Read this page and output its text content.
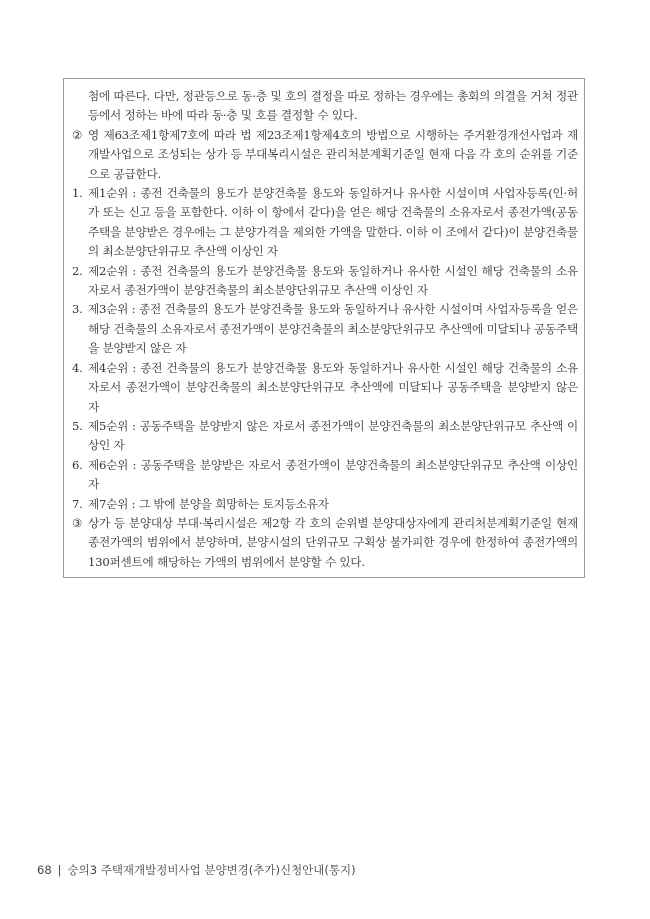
첨에 따른다. 다만, 정관등으로 동·층 및 호의 결정을 따로 정하는 경우에는 총회의 의결을 거쳐 정관등에서 정하는 바에 따라 동·층 및 호를 결정할 수 있다.
② 영 제63조제1항제7호에 따라 법 제23조제1항제4호의 방법으로 시행하는 주거환경개선사업과 재개발사업으로 조성되는 상가 등 부대복리시설은 관리처분계획기준일 현재 다음 각 호의 순위를 기준으로 공급한다.
1. 제1순위 : 종전 건축물의 용도가 분양건축물 용도와 동일하거나 유사한 시설이며 사업자등록(인·허가 또는 신고 등을 포함한다. 이하 이 항에서 같다)을 얻은 해당 건축물의 소유자로서 종전가액(공동주택을 분양받은 경우에는 그 분양가격을 제외한 가액을 말한다. 이하 이 조에서 같다)이 분양건축물의 최소분양단위규모 추산액 이상인 자
2. 제2순위 : 종전 건축물의 용도가 분양건축물 용도와 동일하거나 유사한 시설인 해당 건축물의 소유자로서 종전가액이 분양건축물의 최소분양단위규모 추산액 이상인 자
3. 제3순위 : 종전 건축물의 용도가 분양건축물 용도와 동일하거나 유사한 시설이며 사업자등록을 얻은 해당 건축물의 소유자로서 종전가액이 분양건축물의 최소분양단위규모 추산액에 미달되나 공동주택을 분양받지 않은 자
4. 제4순위 : 종전 건축물의 용도가 분양건축물 용도와 동일하거나 유사한 시설인 해당 건축물의 소유자로서 종전가액이 분양건축물의 최소분양단위규모 추산액에 미달되나 공동주택을 분양받지 않은 자
5. 제5순위 : 공동주택을 분양받지 않은 자로서 종전가액이 분양건축물의 최소분양단위규모 추산액 이상인 자
6. 제6순위 : 공동주택을 분양받은 자로서 종전가액이 분양건축물의 최소분양단위규모 추산액 이상인 자
7. 제7순위 : 그 밖에 분양을 희망하는 토지등소유자
③ 상가 등 분양대상 부대·복리시설은 제2항 각 호의 순위별 분양대상자에게 관리처분계획기준일 현재 종전가액의 범위에서 분양하며, 분양시설의 단위규모 구획상 불가피한 경우에 한정하여 종전가액의 130퍼센트에 해당하는 가액의 범위에서 분양할 수 있다.
68 | 숭의3 주택재개발정비사업 분양변경(추가)신청안내(통지)
